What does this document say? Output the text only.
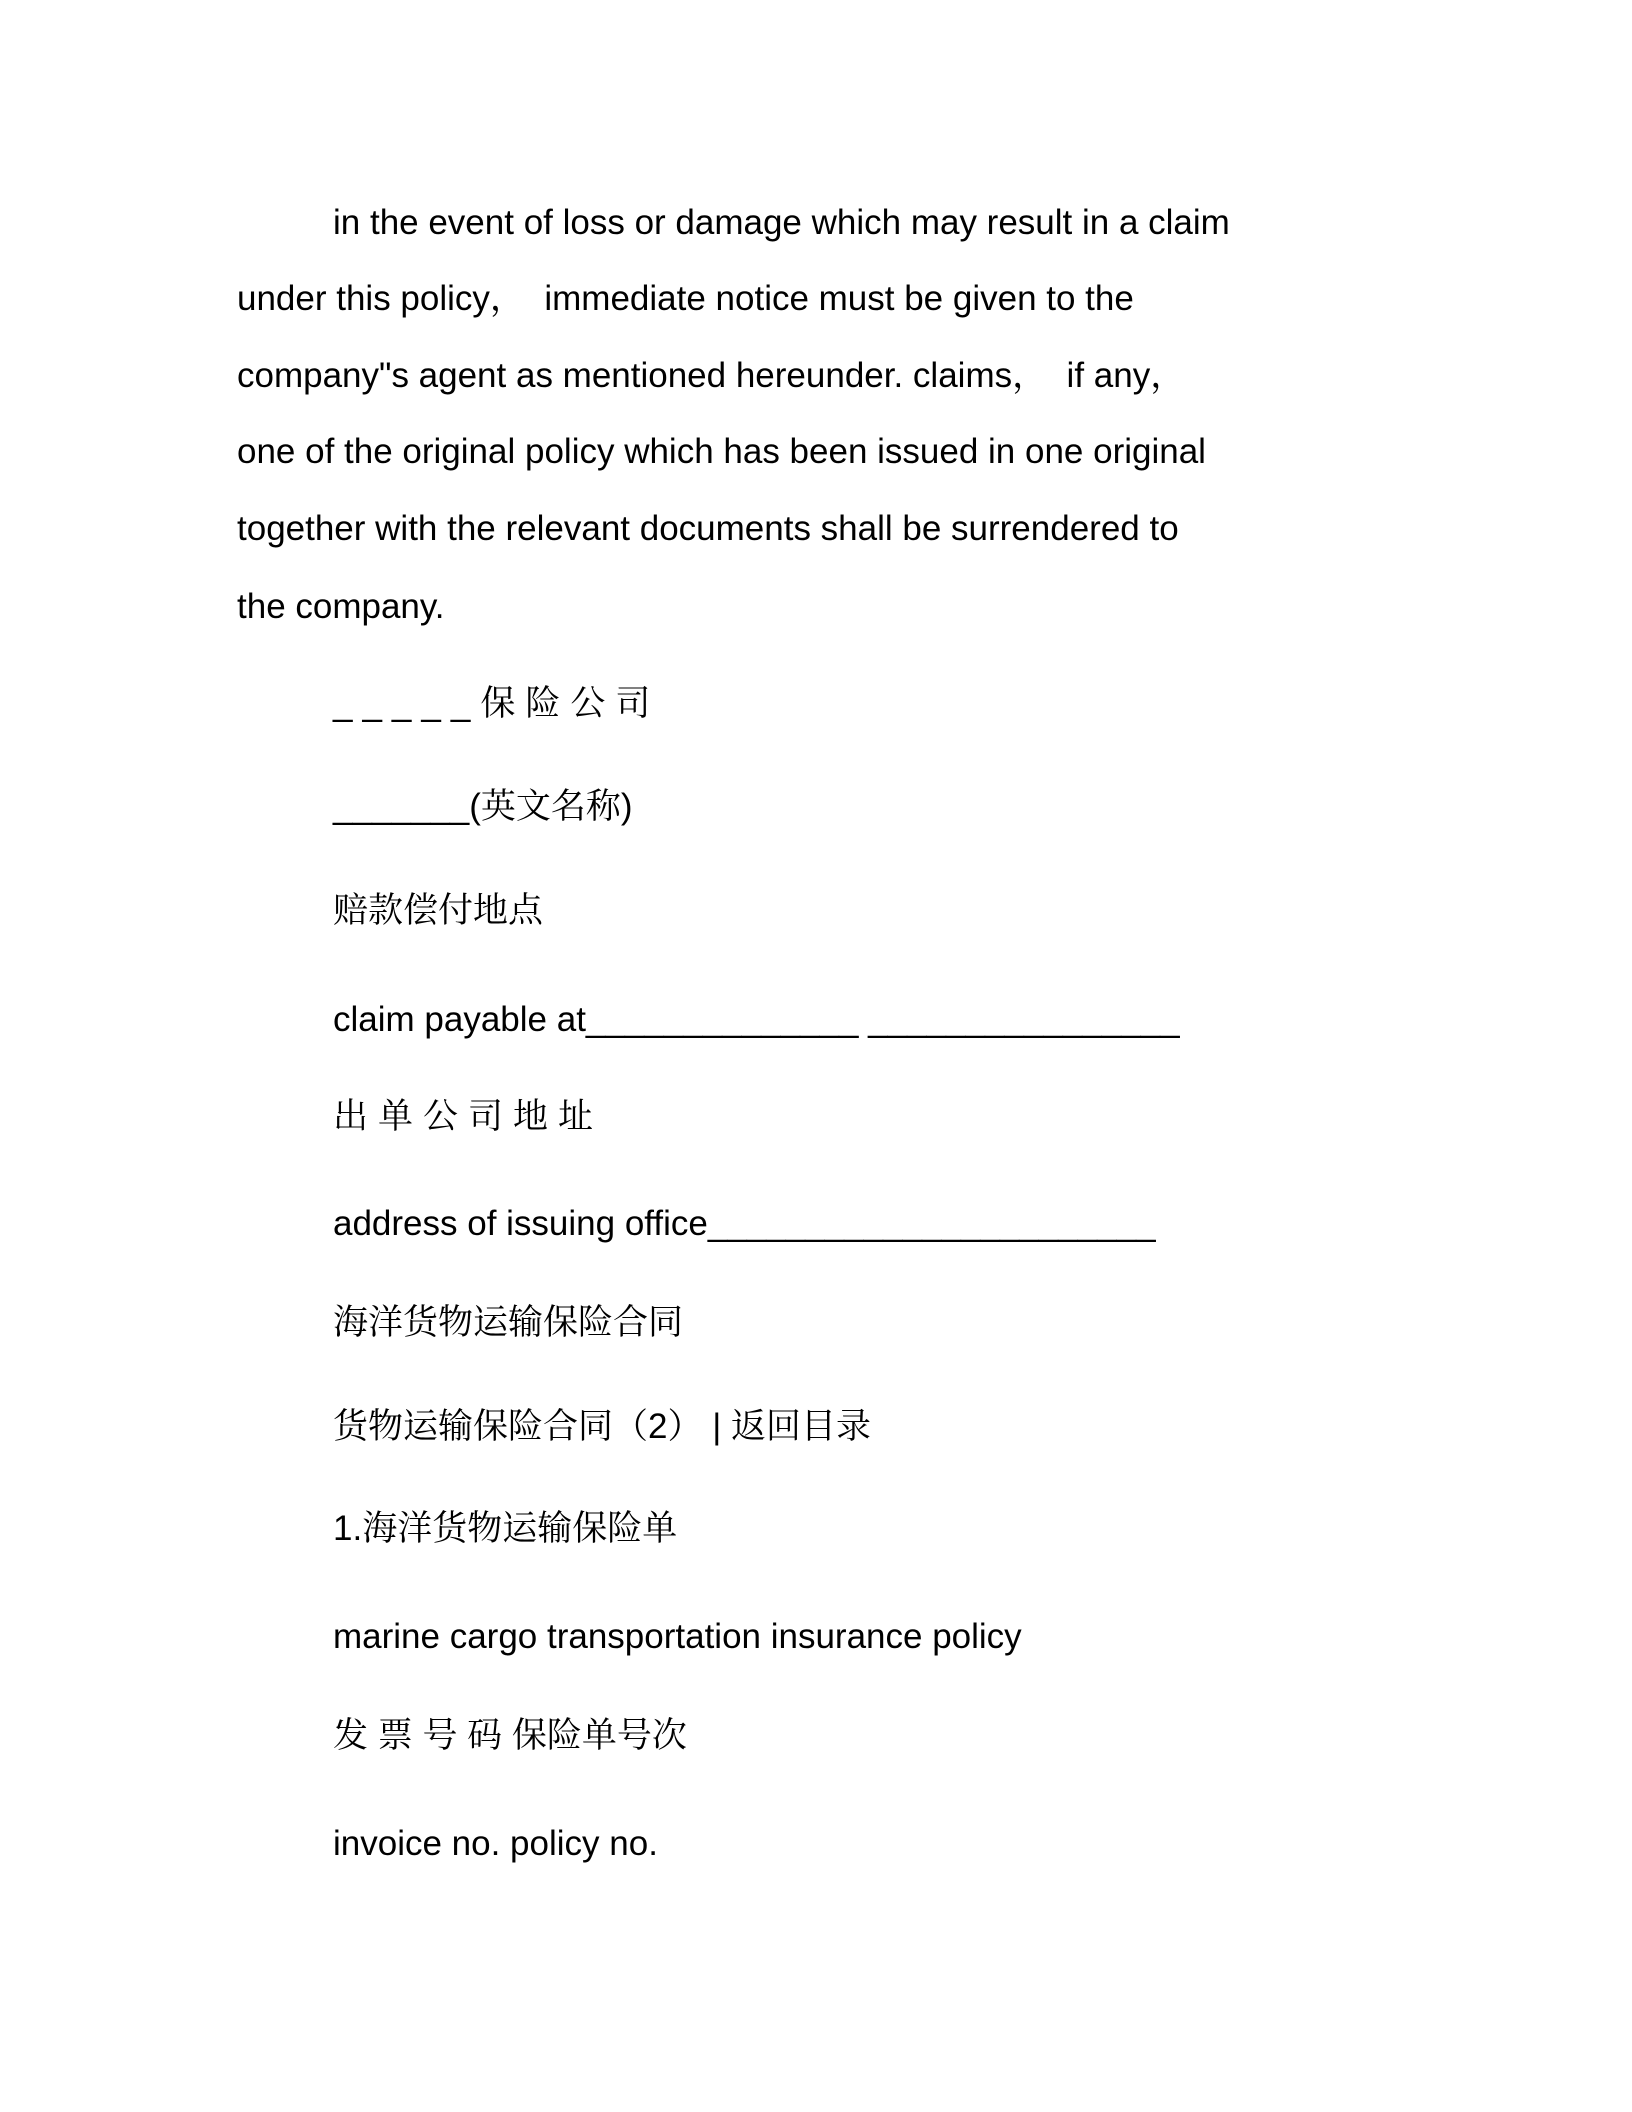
in the event of loss or damage which may result in a claim
under this policy，  immediate notice must be given to the
company"s agent as mentioned hereunder. claims，  if any，
one of the original policy which has been issued in one original
together with the relevant documents shall be surrendered to
the company.
_____保险公司
_______(英文名称)
赔款偿付地点
claim payable at______________ ________________
出单公司地址
address of issuing office_______________________
海洋货物运输保险合同
货物运输保险合同（2） | 返回目录
1.海洋货物运输保险单
marine cargo transportation insurance policy
发 票 号 码 保险单号次
invoice no. policy no.
